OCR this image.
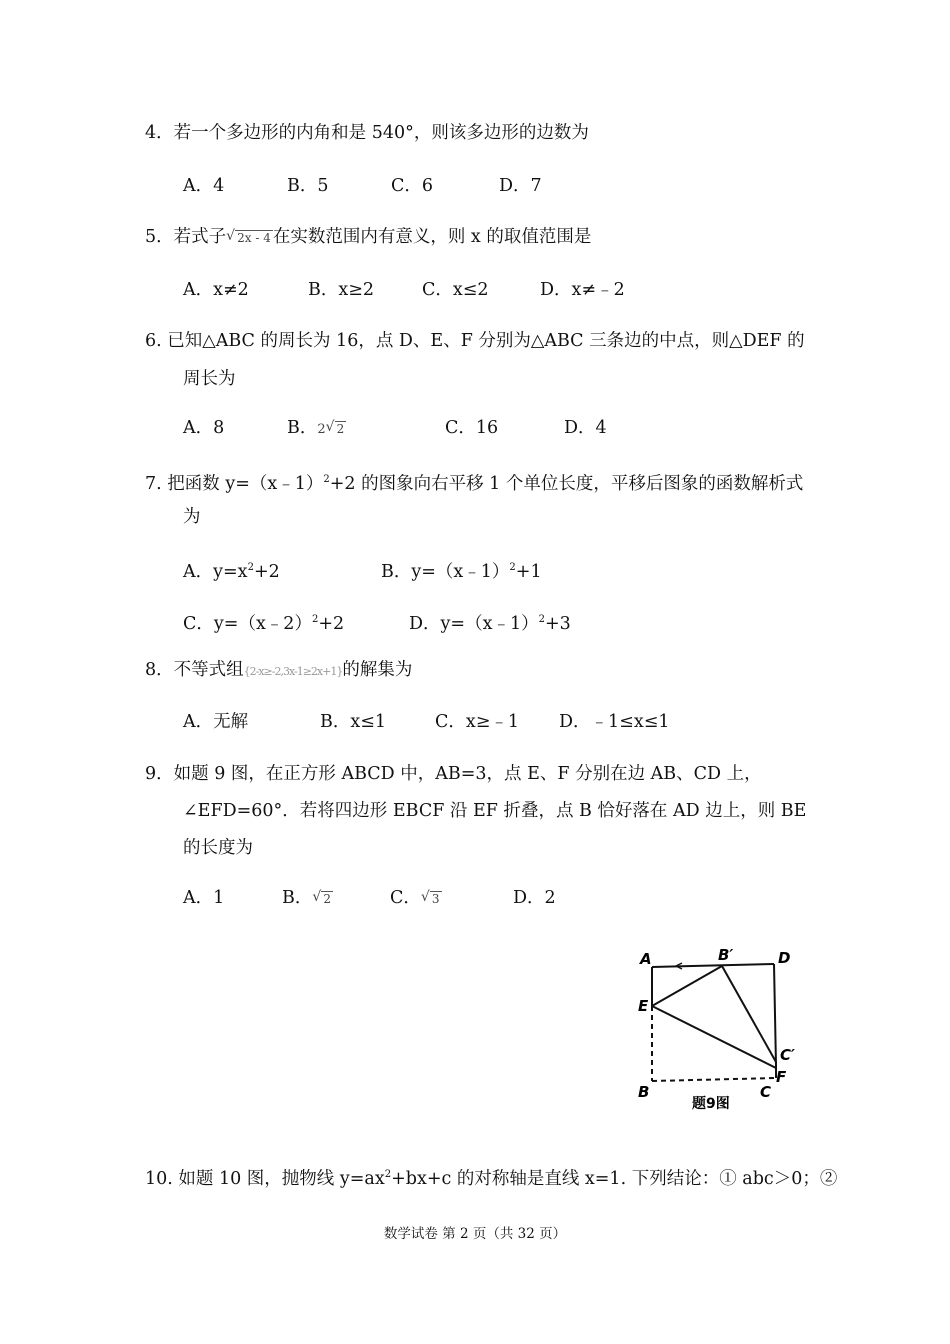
4．若一个多边形的内角和是 540°，则该多边形的边数为
A．4	B．5	C．6	D．7
5．若式子 √ 2x - 4 在实数范围内有意义，则 x 的取值范围是
A．x≠2	B．x≥2	C．x≤2	D．x≠﹣2
6. 已知△ABC 的周长为 16，点 D、E、F 分别为△ABC 三条边的中点，则△DEF 的
周长为
A．8	B．2 √ 2	C．16	D．4
7. 把函数 y=（x﹣1）$^2$+2 的图象向右平移 1 个单位长度，平移后图象的函数解析式
为
A．$y=x^2+2$	B．y=（x﹣1）$^2$+1
C．y=（x﹣2）$^2$+2	D．y=（x﹣1）$^2$+3
8．不等式组{2-x≥-2,3x-1≥2x+1}的解集为
A．无解	B．x≤1	C．x≥﹣1 D．﹣1≤x≤1
9．如题 9 图，在正方形 ABCD 中，AB=3，点 E、F 分别在边 AB、CD 上，
∠EFD=60°．若将四边形 EBCF 沿 EF 折叠，点 B 恰好落在 AD 边上，则 BE
的长度为
A．1	B． √ 2	C． √ 3	D．2
A	B′	D
E
C′
F
B	C
题9图
10. 如题 10 图，抛物线 $y=ax^2+bx+c$ 的对称轴是直线 x=1. 下列结论：① abc＞0；②
数学试卷 第 2 页（共 32 页）
